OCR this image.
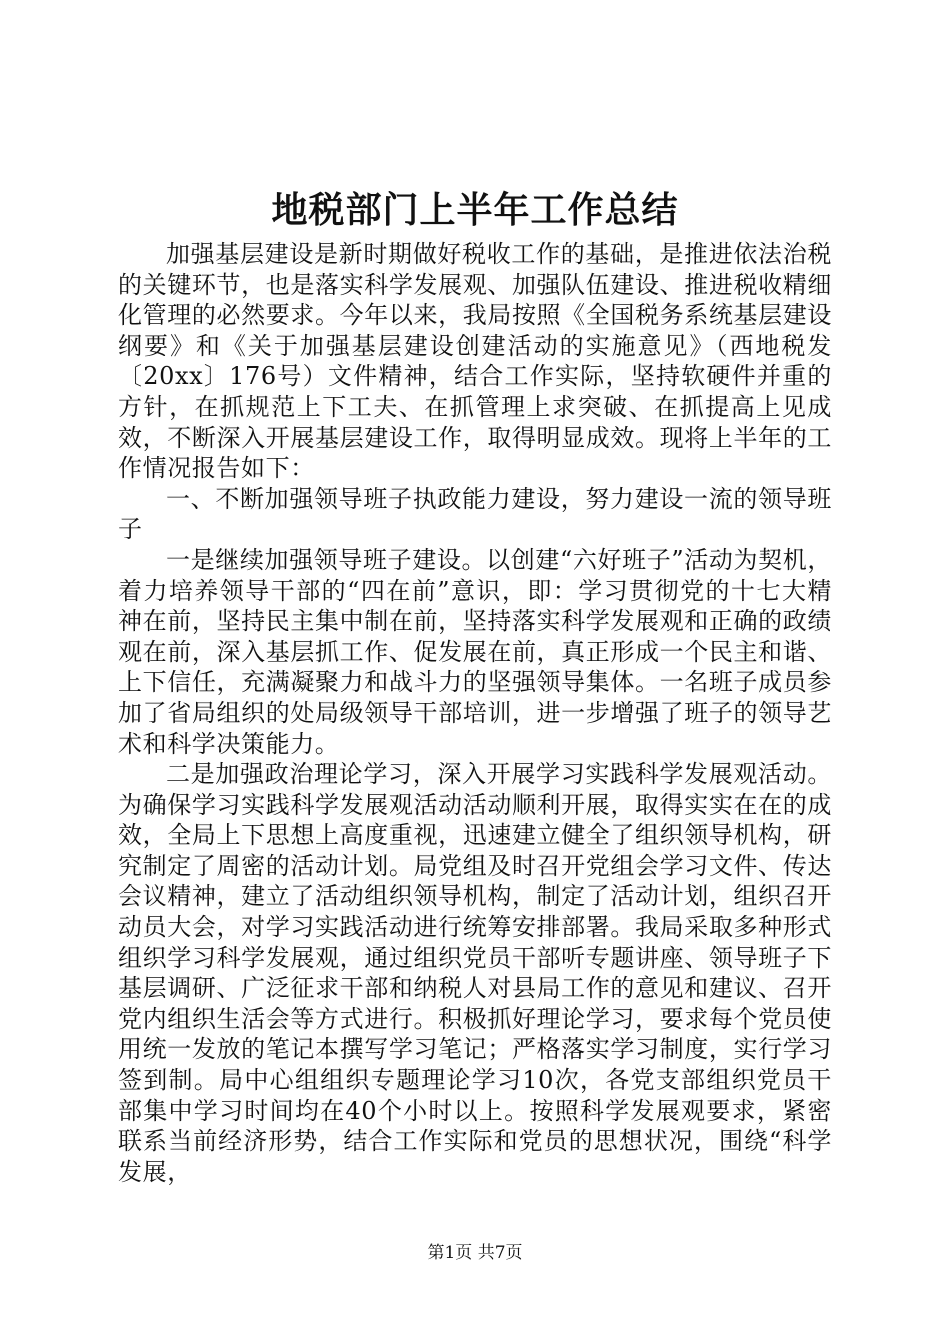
地税部门上半年工作总结

加强基层建设是新时期做好税收工作的基础，是推进依法治税的关键环节，也是落实科学发展观、加强队伍建设、推进税收精细化管理的必然要求。今年以来，我局按照《全国税务系统基层建设纲要》和《关于加强基层建设创建活动的实施意见》（西地税发〔20xx〕176号）文件精神，结合工作实际，坚持软硬件并重的方针，在抓规范上下工夫、在抓管理上求突破、在抓提高上见成效，不断深入开展基层建设工作，取得明显成效。现将上半年的工作情况报告如下：

一、不断加强领导班子执政能力建设，努力建设一流的领导班子

一是继续加强领导班子建设。以创建“六好班子”活动为契机，着力培养领导干部的“四在前”意识，即：学习贯彻党的十七大精神在前，坚持民主集中制在前，坚持落实科学发展观和正确的政绩观在前，深入基层抓工作、促发展在前，真正形成一个民主和谐、上下信任，充满凝聚力和战斗力的坚强领导集体。一名班子成员参加了省局组织的处局级领导干部培训，进一步增强了班子的领导艺术和科学决策能力。

二是加强政治理论学习，深入开展学习实践科学发展观活动。为确保学习实践科学发展观活动活动顺利开展，取得实实在在的成效，全局上下思想上高度重视，迅速建立健全了组织领导机构，研究制定了周密的活动计划。局党组及时召开党组会学习文件、传达会议精神，建立了活动组织领导机构，制定了活动计划，组织召开动员大会，对学习实践活动进行统筹安排部署。我局采取多种形式组织学习科学发展观，通过组织党员干部听专题讲座、领导班子下基层调研、广泛征求干部和纳税人对县局工作的意见和建议、召开党内组织生活会等方式进行。积极抓好理论学习，要求每个党员使用统一发放的笔记本撰写学习笔记；严格落实学习制度，实行学习签到制。局中心组组织专题理论学习10次，各党支部组织党员干部集中学习时间均在40个小时以上。按照科学发展观要求，紧密联系当前经济形势，结合工作实际和党员的思想状况，围绕“科学发展，

第1页 共7页
